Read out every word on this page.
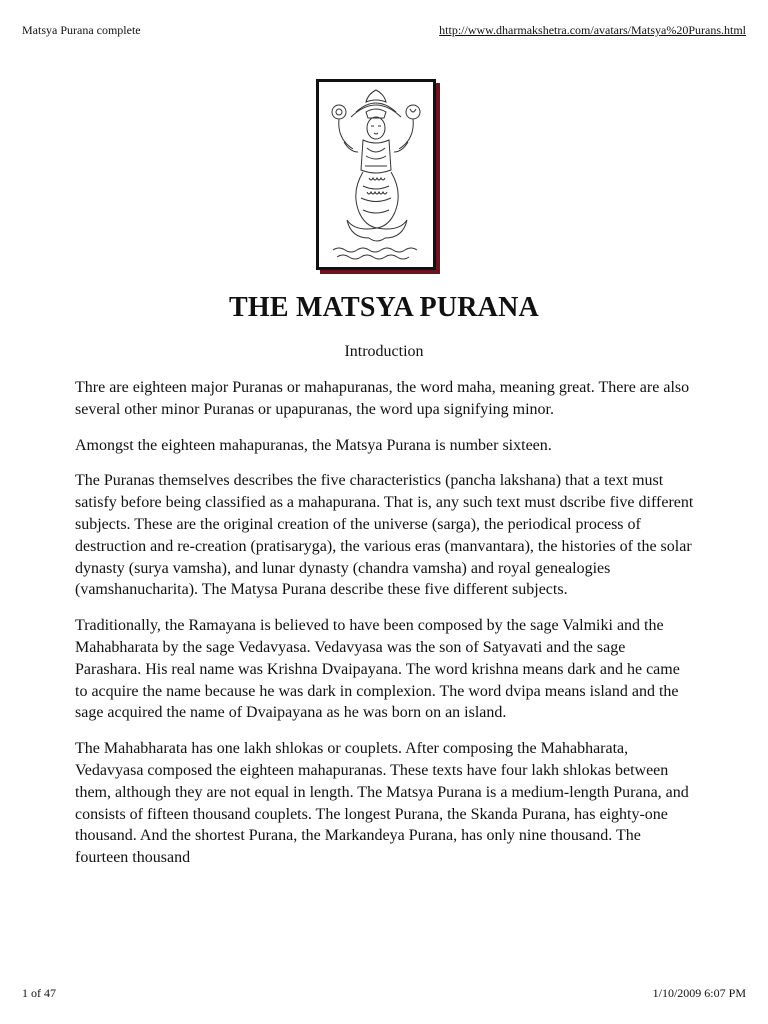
Matsya Purana complete	http://www.dharmakshetra.com/avatars/Matsya%20Purans.html
THE MATSYA PURANA
Introduction

Thre are eighteen major Puranas or mahapuranas, the word maha, meaning great. There are also several other minor Puranas or upapuranas, the word upa signifying minor.

Amongst the eighteen mahapuranas, the Matsya Purana is number sixteen.

The Puranas themselves describes the five characteristics (pancha lakshana) that a text must satisfy before being classified as a mahapurana. That is, any such text must dscribe five different subjects. These are the original creation of the universe (sarga), the periodical process of destruction and re-creation (pratisaryga), the various eras (manvantara), the histories of the solar dynasty (surya vamsha), and lunar dynasty (chandra vamsha) and royal genealogies (vamshanucharita). The Matysa Purana describe these five different subjects.

Traditionally, the Ramayana is believed to have been composed by the sage Valmiki and the Mahabharata by the sage Vedavyasa. Vedavyasa was the son of Satyavati and the sage Parashara. His real name was Krishna Dvaipayana. The word krishna means dark and he came to acquire the name because he was dark in complexion. The word dvipa means island and the sage acquired the name of Dvaipayana as he was born on an island.

The Mahabharata has one lakh shlokas or couplets. After composing the Mahabharata, Vedavyasa composed the eighteen mahapuranas. These texts have four lakh shlokas between them, although they are not equal in length. The Matsya Purana is a medium-length Purana, and consists of fifteen thousand couplets. The longest Purana, the Skanda Purana, has eighty-one thousand. And the shortest Purana, the Markandeya Purana, has only nine thousand. The fourteen thousand

1 of 47	1/10/2009 6:07 PM
